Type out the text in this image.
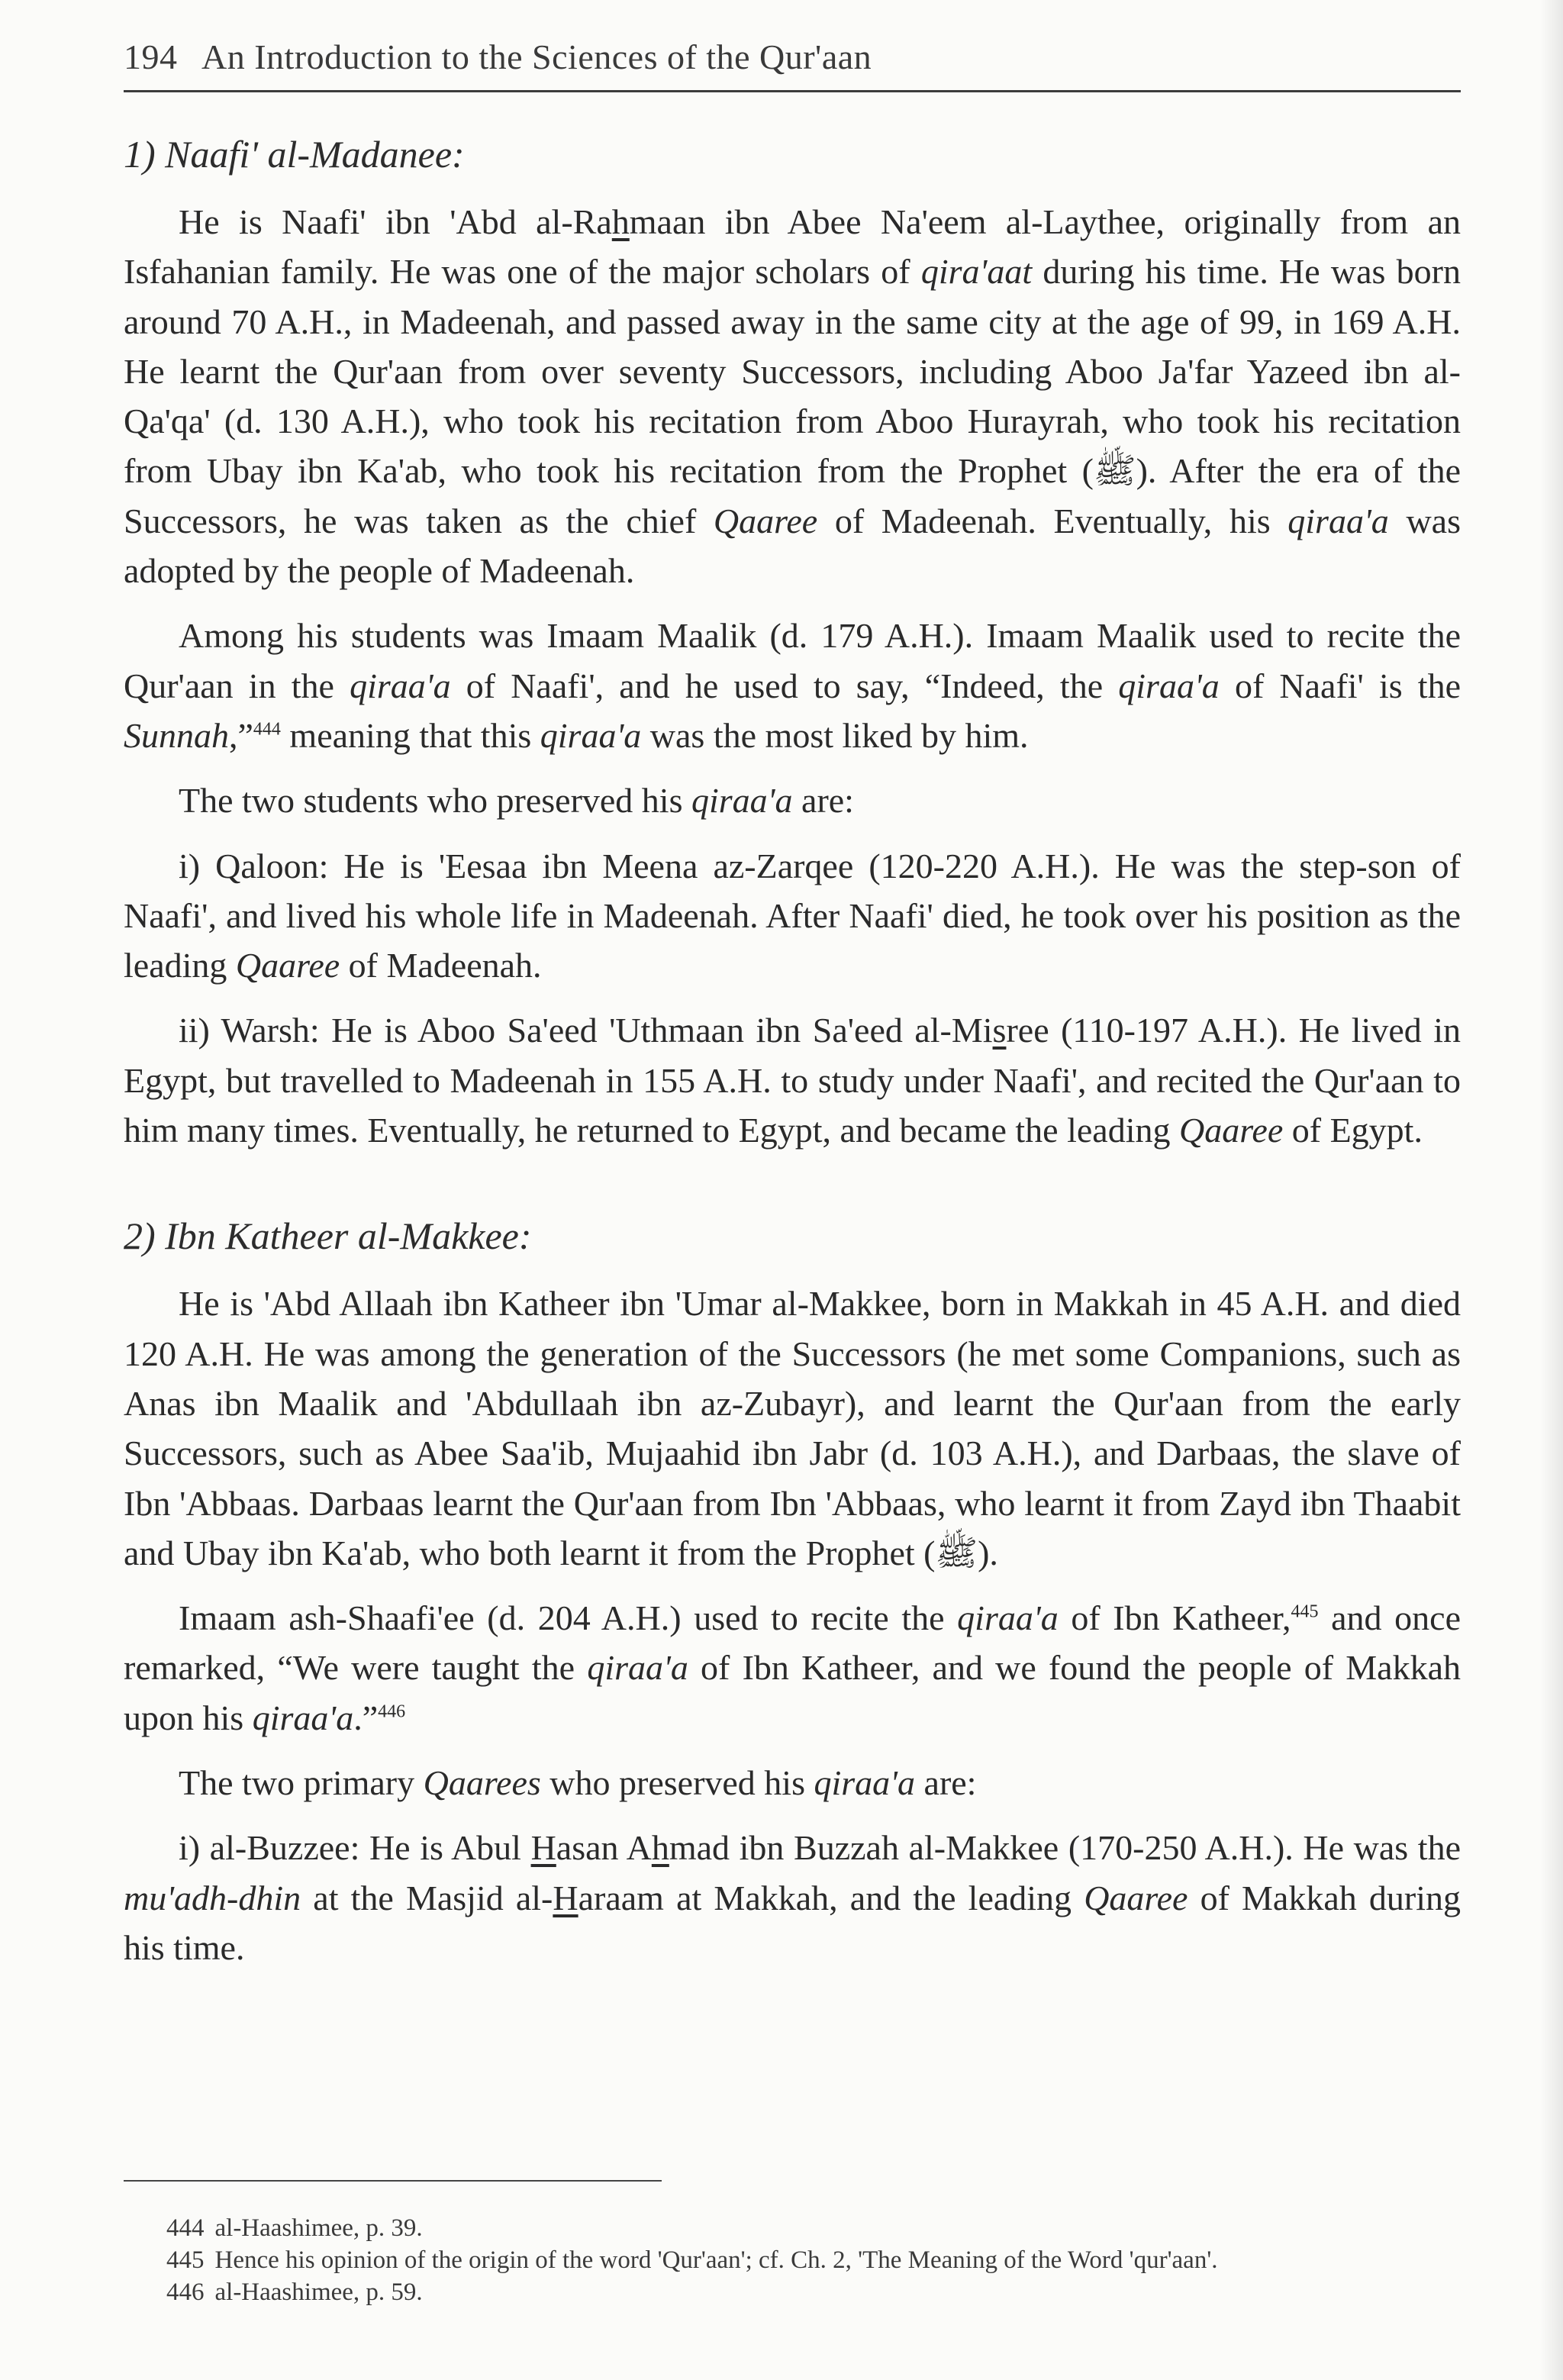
194 An Introduction to the Sciences of the Qur'aan
1) Naafi' al-Madanee:

He is Naafi' ibn 'Abd al-Rahmaan ibn Abee Na'eem al-Laythee, originally from an Isfahanian family. He was one of the major scholars of qira'aat during his time. He was born around 70 A.H., in Madeenah, and passed away in the same city at the age of 99, in 169 A.H. He learnt the Qur'aan from over seventy Successors, including Aboo Ja'far Yazeed ibn al-Qa'qa' (d. 130 A.H.), who took his recitation from Aboo Hurayrah, who took his recitation from Ubay ibn Ka'ab, who took his recitation from the Prophet (ﷺ). After the era of the Successors, he was taken as the chief Qaaree of Madeenah. Eventually, his qiraa'a was adopted by the people of Madeenah.

Among his students was Imaam Maalik (d. 179 A.H.). Imaam Maalik used to recite the Qur'aan in the qiraa'a of Naafi', and he used to say, “Indeed, the qiraa'a of Naafi' is the Sunnah,”$^{444}$ meaning that this qiraa'a was the most liked by him.

The two students who preserved his qiraa'a are:

i) Qaloon: He is 'Eesaa ibn Meena az-Zarqee (120-220 A.H.). He was the step-son of Naafi', and lived his whole life in Madeenah. After Naafi' died, he took over his position as the leading Qaaree of Madeenah.

ii) Warsh: He is Aboo Sa'eed 'Uthmaan ibn Sa'eed al-Misree (110-197 A.H.). He lived in Egypt, but travelled to Madeenah in 155 A.H. to study under Naafi', and recited the Qur'aan to him many times. Eventually, he returned to Egypt, and became the leading Qaaree of Egypt.

2) Ibn Katheer al-Makkee:

He is 'Abd Allaah ibn Katheer ibn 'Umar al-Makkee, born in Makkah in 45 A.H. and died 120 A.H. He was among the generation of the Successors (he met some Companions, such as Anas ibn Maalik and 'Abdullaah ibn az-Zubayr), and learnt the Qur'aan from the early Successors, such as Abee Saa'ib, Mujaahid ibn Jabr (d. 103 A.H.), and Darbaas, the slave of Ibn 'Abbaas. Darbaas learnt the Qur'aan from Ibn 'Abbaas, who learnt it from Zayd ibn Thaabit and Ubay ibn Ka'ab, who both learnt it from the Prophet (ﷺ).

Imaam ash-Shaafi'ee (d. 204 A.H.) used to recite the qiraa'a of Ibn Katheer,$^{445}$ and once remarked, “We were taught the qiraa'a of Ibn Katheer, and we found the people of Makkah upon his qiraa'a.”$^{446}$

The two primary Qaarees who preserved his qiraa'a are:

i) al-Buzzee: He is Abul Hasan Ahmad ibn Buzzah al-Makkee (170-250 A.H.). He was the mu'adh-dhin at the Masjid al-Haraam at Makkah, and the leading Qaaree of Makkah during his time.

444 al-Haashimee, p. 39.

445 Hence his opinion of the origin of the word 'Qur'aan'; cf. Ch. 2, 'The Meaning of the Word 'qur'aan'.

446 al-Haashimee, p. 59.
